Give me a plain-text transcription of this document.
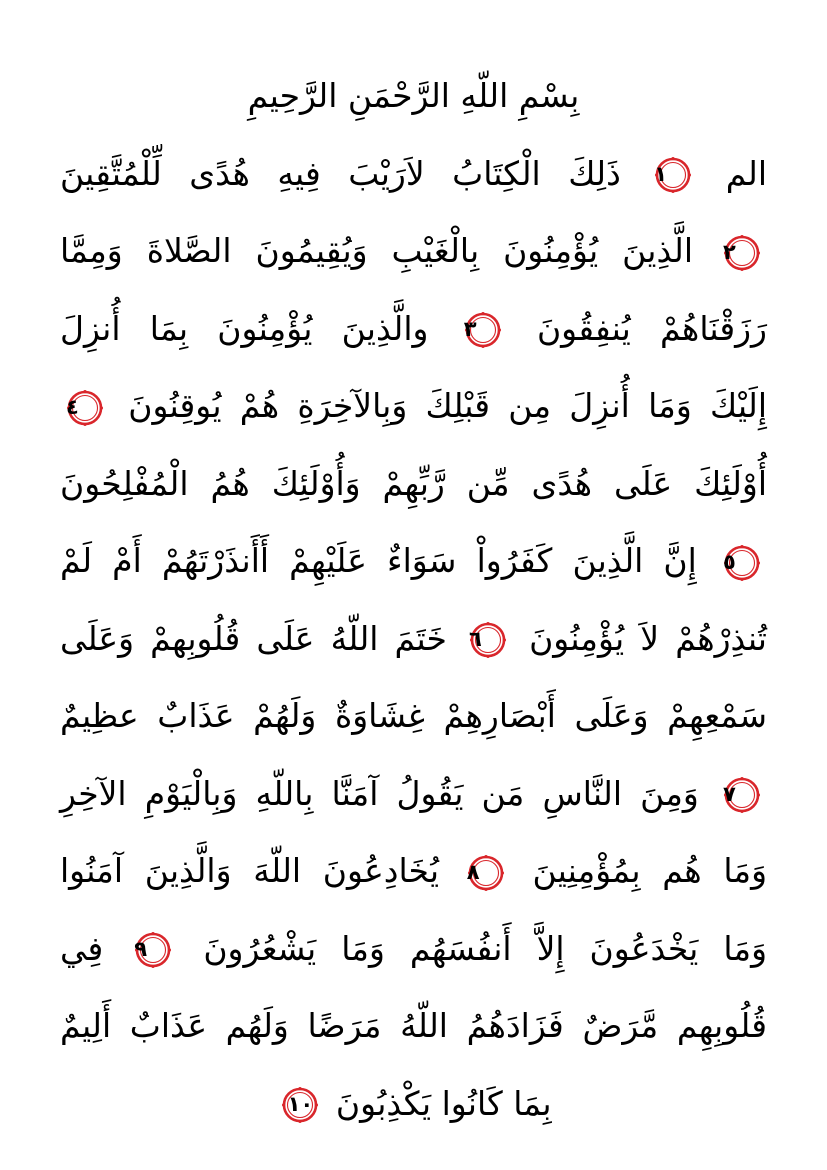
بِسْمِ اللّهِ الرَّحْمَنِ الرَّحِيمِ
الم
١
ذَلِكَ الْكِتَابُ لاَرَيْبَ فِيهِ هُدًى لِّلْمُتَّقِينَ
٢
الَّذِينَ يُؤْمِنُونَ بِالْغَيْبِ وَيُقِيمُونَ الصَّلاةَ وَمِمَّا
رَزَقْنَاهُمْ يُنفِقُونَ
٣
والَّذِينَ يُؤْمِنُونَ بِمَا أُنزِلَ
إِلَيْكَ وَمَا أُنزِلَ مِن قَبْلِكَ وَبِالآخِرَةِ هُمْ يُوقِنُونَ
٤
أُوْلَئِكَ عَلَى هُدًى مِّن رَّبِّهِمْ وَأُوْلَئِكَ هُمُ الْمُفْلِحُونَ
٥
إِنَّ الَّذِينَ كَفَرُواْ سَوَاءٌ عَلَيْهِمْ أَأَنذَرْتَهُمْ أَمْ لَمْ
تُنذِرْهُمْ لاَ يُؤْمِنُونَ
٦
خَتَمَ اللّهُ عَلَى قُلُوبِهمْ وَعَلَى
سَمْعِهِمْ وَعَلَى أَبْصَارِهِمْ غِشَاوَةٌ وَلَهُمْ عَذَابٌ عظِيمٌ
٧
وَمِنَ النَّاسِ مَن يَقُولُ آمَنَّا بِاللّهِ وَبِالْيَوْمِ الآخِرِ
وَمَا هُم بِمُؤْمِنِينَ
٨
يُخَادِعُونَ اللّهَ وَالَّذِينَ آمَنُوا
وَمَا يَخْدَعُونَ إِلاَّ أَنفُسَهُم وَمَا يَشْعُرُونَ
٩
فِي
قُلُوبِهِم مَّرَضٌ فَزَادَهُمُ اللّهُ مَرَضًا وَلَهُم عَذَابٌ أَلِيمٌ
بِمَا كَانُوا يَكْذِبُونَ
١٠
